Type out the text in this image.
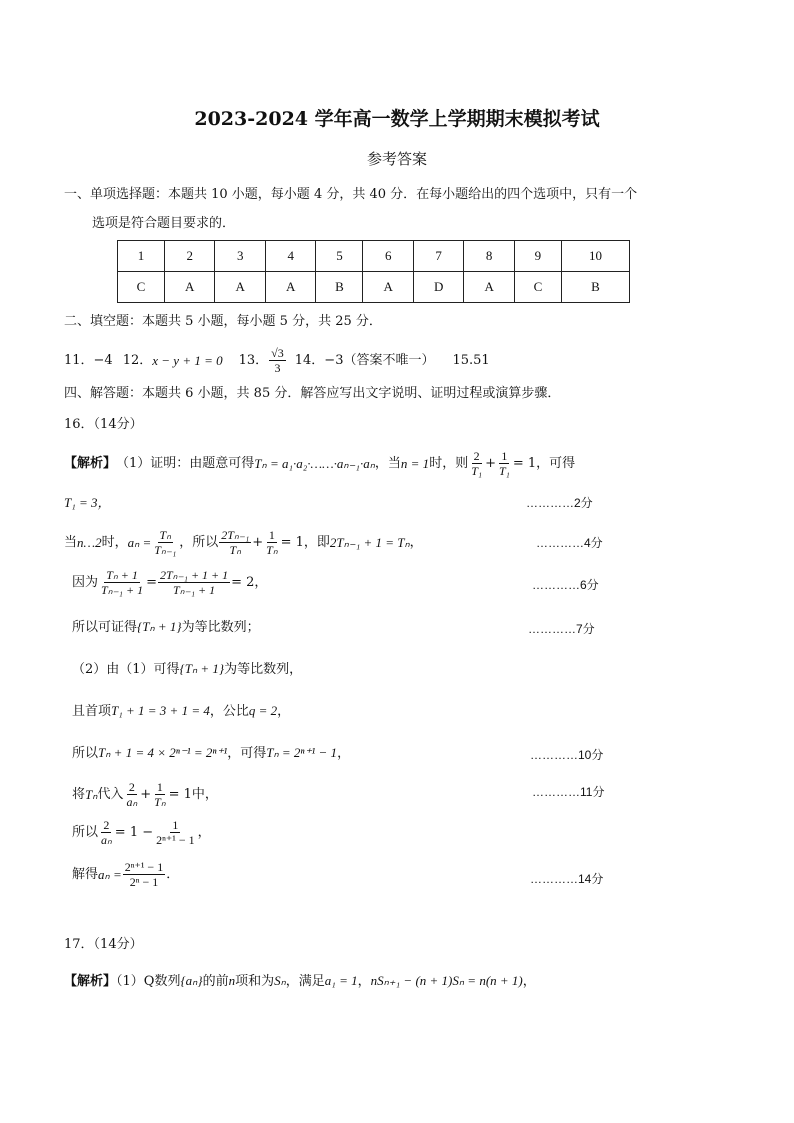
2023-2024 学年高一数学上学期期末模拟考试
参考答案
一、单项选择题：本题共 10 小题，每小题 4 分，共 40 分．在每小题给出的四个选项中，只有一个
选项是符合题目要求的．
1	2	3	4	5	6	7	8	9	10
C	A	A	A	B	A	D	A	C	B
二、填空题：本题共 5 小题，每小题 5 分，共 25 分．
11．−4 12． x − y + 1 = 0 13． $\frac{√3}{3} 14$．−3（答案不唯一） 15.51
四、解答题：本题共 6 小题，共 85 分．解答应写出文字说明、证明过程或演算步骤．
16．（14分）
【解析】 （1）证明：由题意可得 Tₙ = a₁·a₂·……·aₙ₋₁·aₙ ，当 n = 1 时，则 $\frac{2}{\text{T₁}} + \frac{1}{\text{T₁}} = 1$，可得
T₁ = 3，	…………2分
当 n…2 时， $a_n = \frac{\text{Tₙ}}{\text{Tₙ₋₁}}$ ，所以 $\frac{\text{2Tₙ₋₁}}{\text{Tₙ}} + \frac{1}{\text{Tₙ}} = 1$，即 2Tₙ₋₁ + 1 = Tₙ ，	…………4分
因为 $\frac{\text{Tₙ + 1}}{\text{Tₙ₋₁ + 1}} = \frac{\text{2Tₙ₋₁ + 1 + 1}}{\text{Tₙ₋₁ + 1}} = 2$，	…………6分
所以可证得{Tₙ + 1}为等比数列；	…………7分
（2）由（1）可得{Tₙ + 1}为等比数列，
且首项T₁ + 1 = 3 + 1 = 4，公比q = 2，
所以Tₙ + 1 = 4 × 2ⁿ⁻¹ = 2ⁿ⁺¹，可得Tₙ = 2ⁿ⁺¹ − 1，	…………10分
将 Tₙ 代入 $\frac{2}{\text{aₙ}} + \frac{1}{\text{Tₙ}} = 1$中，	…………11分
所以 $\frac{2}{\text{aₙ}} = 1 - \frac{1}{\text{2ⁿ⁺¹ − 1}}$ ，
解得 $a_n = \frac{\text{2ⁿ⁺¹ − 1}}{\text{2ⁿ − 1}}$ ．	…………14分
17．（14分）
【解析】（1）Q数列{aₙ}的前n项和为Sₙ，满足a₁ = 1，nSₙ₊₁ − (n + 1)Sₙ = n(n + 1)，
